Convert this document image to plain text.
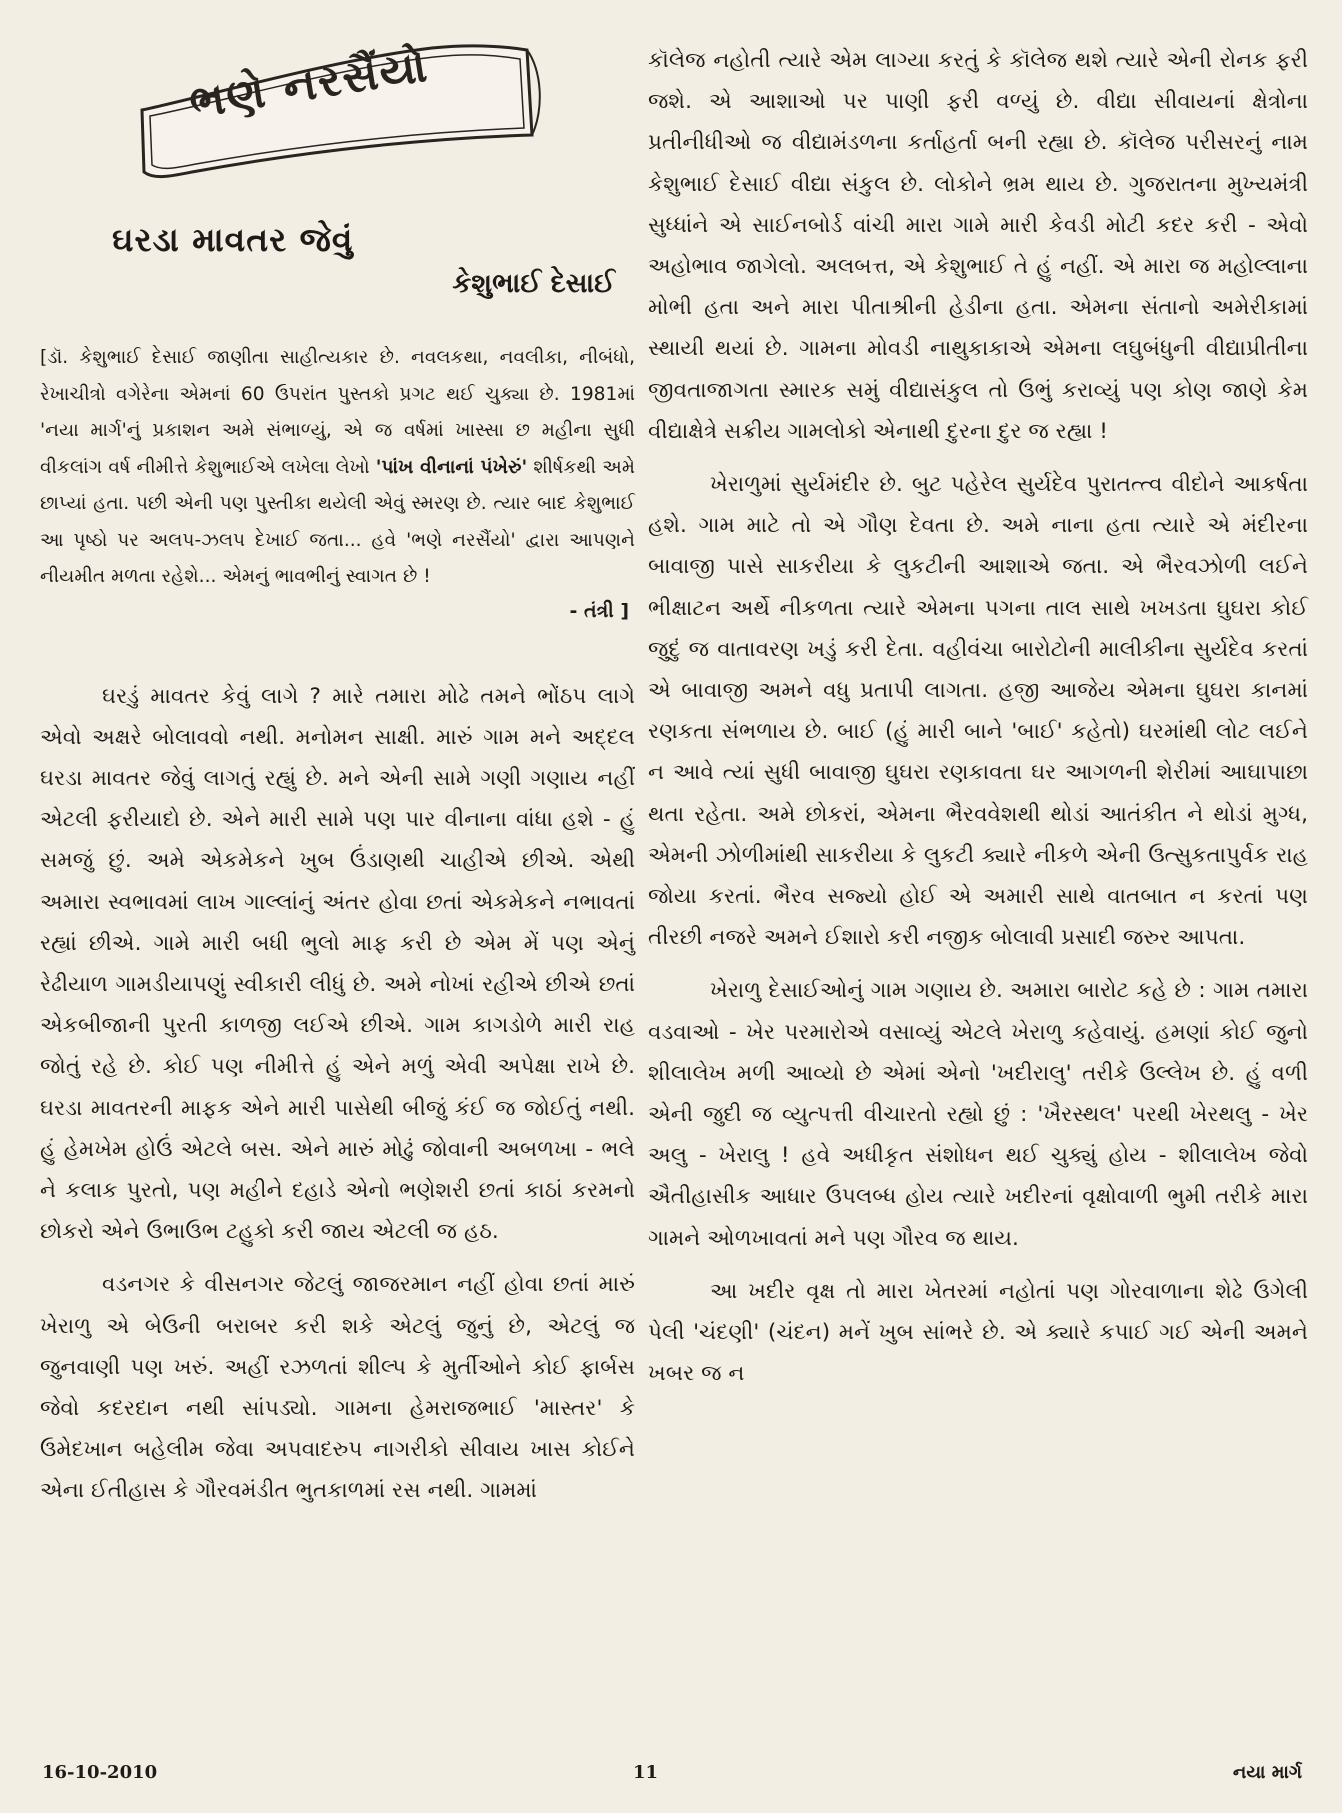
ભણે નરસૈંયો
ઘરડા માવતર જેવું
કેશુભાઈ દેસાઈ
[ડૉ. કેશુભાઈ દેસાઈ જાણીતા સાહીત્યકાર છે. નવલકથા, નવલીકા, નીબંધો, રેખાચીત્રો વગેરેના એમનાં 60 ઉપરાંત પુસ્તકો પ્રગટ થઈ ચુક્યા છે. 1981માં 'નયા માર્ગ'નું પ્રકાશન અમે સંભાળ્યું, એ જ વર્ષમાં ખાસ્સા છ મહીના સુધી વીકલાંગ વર્ષ નીમીત્તે કેશુભાઈએ લખેલા લેખો 'પાંખ વીનાનાં પંખેરું' શીર્ષકથી અમે છાપ્યાં હતા. પછી એની પણ પુસ્તીકા થયેલી એવું સ્મરણ છે. ત્યાર બાદ કેશુભાઈ આ પૃષ્ઠો પર અલપ-ઝલપ દેખાઈ જતા... હવે 'ભણે નરસૈંયો' દ્વારા આપણને નીયમીત મળતા રહેશે... એમનું ભાવભીનું સ્વાગત છે !
- તંત્રી ]

ઘરડું માવતર કેવું લાગે ? મારે તમારા મોઢે તમને ભોંઠપ લાગે એવો અક્ષરે બોલાવવો નથી. મનોમન સાક્ષી. મારું ગામ મને અદ્દલ ઘરડા માવતર જેવું લાગતું રહ્યું છે. મને એની સામે ગણી ગણાય નહીં એટલી ફરીયાદો છે. એને મારી સામે પણ પાર વીનાના વાંધા હશે - હું સમજું છું. અમે એકમેકને ખુબ ઉંડાણથી ચાહીએ છીએ. એથી અમારા સ્વભાવમાં લાખ ગાલ્લાંનું અંતર હોવા છતાં એકમેકને નભાવતાં રહ્યાં છીએ. ગામે મારી બધી ભુલો માફ કરી છે એમ મેં પણ એનું રેઢીયાળ ગામડીયાપણું સ્વીકારી લીધું છે. અમે નોખાં રહીએ છીએ છતાં એકબીજાની પુરતી કાળજી લઈએ છીએ. ગામ કાગડોળે મારી રાહ જોતું રહે છે. કોઈ પણ નીમીત્તે હું એને મળું એવી અપેક્ષા રાખે છે. ઘરડા માવતરની માફક એને મારી પાસેથી બીજું કંઈ જ જોઈતું નથી. હું હેમખેમ હોઉં એટલે બસ. એને મારું મોઢું જોવાની અબળખા - ભલે ને કલાક પુરતો, પણ મહીને દહાડે એનો ભણેશરી છતાં કાઠાં કરમનો છોકરો એને ઉભાઉભ ટહુકો કરી જાય એટલી જ હઠ.

વડનગર કે વીસનગર જેટલું જાજરમાન નહીં હોવા છતાં મારું ખેરાળુ એ બેઉની બરાબર કરી શકે એટલું જુનું છે, એટલું જ જુનવાણી પણ ખરું. અહીં રઝળતાં શીલ્પ કે મુર્તીઓને કોઈ ફાર્બસ જેવો કદરદાન નથી સાંપડ્યો. ગામના હેમરાજભાઈ 'માસ્તર' કે ઉમેદખાન બહેલીમ જેવા અપવાદરુપ નાગરીકો સીવાય ખાસ કોઈને એના ઈતીહાસ કે ગૌરવમંડીત ભુતકાળમાં રસ નથી. ગામમાં

કૉલેજ નહોતી ત્યારે એમ લાગ્યા કરતું કે કૉલેજ થશે ત્યારે એની રોનક ફરી જશે. એ આશાઓ પર પાણી ફરી વળ્યું છે. વીદ્યા સીવાયનાં ક્ષેત્રોના પ્રતીનીધીઓ જ વીદ્યામંડળના કર્તાહર્તા બની રહ્યા છે. કૉલેજ પરીસરનું નામ કેશુભાઈ દેસાઈ વીદ્યા સંકુલ છે. લોકોને ભ્રમ થાય છે. ગુજરાતના મુખ્યમંત્રી સુધ્ધાંને એ સાઈનબોર્ડ વાંચી મારા ગામે મારી કેવડી મોટી કદર કરી - એવો અહોભાવ જાગેલો. અલબત્ત, એ કેશુભાઈ તે હું નહીં. એ મારા જ મહોલ્લાના મોભી હતા અને મારા પીતાશ્રીની હેડીના હતા. એમના સંતાનો અમેરીકામાં સ્થાયી થયાં છે. ગામના મોવડી નાથુકાકાએ એમના લઘુબંધુની વીદ્યાપ્રીતીના જીવતાજાગતા સ્મારક સમું વીદ્યાસંકુલ તો ઉભું કરાવ્યું પણ કોણ જાણે કેમ વીદ્યાક્ષેત્રે સક્રીય ગામલોકો એનાથી દુરના દુર જ રહ્યા !

ખેરાળુમાં સુર્યમંદીર છે. બુટ પહેરેલ સુર્યદેવ પુરાતત્ત્વ વીદોને આકર્ષતા હશે. ગામ માટે તો એ ગૌણ દેવતા છે. અમે નાના હતા ત્યારે એ મંદીરના બાવાજી પાસે સાકરીયા કે લુકટીની આશાએ જતા. એ ભૈરવઝોળી લઈને ભીક્ષાટન અર્થે નીકળતા ત્યારે એમના પગના તાલ સાથે ખખડતા ઘુઘરા કોઈ જુદું જ વાતાવરણ ખડું કરી દેતા. વહીવંચા બારોટોની માલીકીના સુર્યદેવ કરતાં એ બાવાજી અમને વધુ પ્રતાપી લાગતા. હજી આજેય એમના ઘુઘરા કાનમાં રણકતા સંભળાય છે. બાઈ (હું મારી બાને 'બાઈ' કહેતો) ઘરમાંથી લોટ લઈને ન આવે ત્યાં સુધી બાવાજી ઘુઘરા રણકાવતા ઘર આગળની શેરીમાં આઘાપાછા થતા રહેતા. અમે છોકરાં, એમના ભૈરવવેશથી થોડાં આતંકીત ને થોડાં મુગ્ધ, એમની ઝોળીમાંથી સાકરીયા કે લુકટી ક્યારે નીકળે એની ઉત્સુકતાપુર્વક રાહ જોયા કરતાં. ભૈરવ સજ્યો હોઈ એ અમારી સાથે વાતબાત ન કરતાં પણ તીરછી નજરે અમને ઈશારો કરી નજીક બોલાવી પ્રસાદી જરુર આપતા.

ખેરાળુ દેસાઈઓનું ગામ ગણાય છે. અમારા બારોટ કહે છે : ગામ તમારા વડવાઓ - ખેર પરમારોએ વસાવ્યું એટલે ખેરાળુ કહેવાયું. હમણાં કોઈ જુનો શીલાલેખ મળી આવ્યો છે એમાં એનો 'ખદીરાલુ' તરીકે ઉલ્લેખ છે. હું વળી એની જુદી જ વ્યુત્પત્તી વીચારતો રહ્યો છું : 'ખૈરસ્થલ' પરથી ખેરથલુ - ખેર અલુ - ખેરાલુ ! હવે અધીકૃત સંશોધન થઈ ચુક્યું હોય - શીલાલેખ જેવો ઐતીહાસીક આધાર ઉપલબ્ધ હોય ત્યારે ખદીરનાં વૃક્ષોવાળી ભુમી તરીકે મારા ગામને ઓળખાવતાં મને પણ ગૌરવ જ થાય.

આ ખદીર વૃક્ષ તો મારા ખેતરમાં નહોતાં પણ ગોરવાળાના શેઢે ઉગેલી પેલી 'ચંદણી' (ચંદન) મનેં ખુબ સાંભરે છે. એ ક્યારે કપાઈ ગઈ એની અમને ખબર જ ન

16-10-2010	11	નયા માર્ગ
